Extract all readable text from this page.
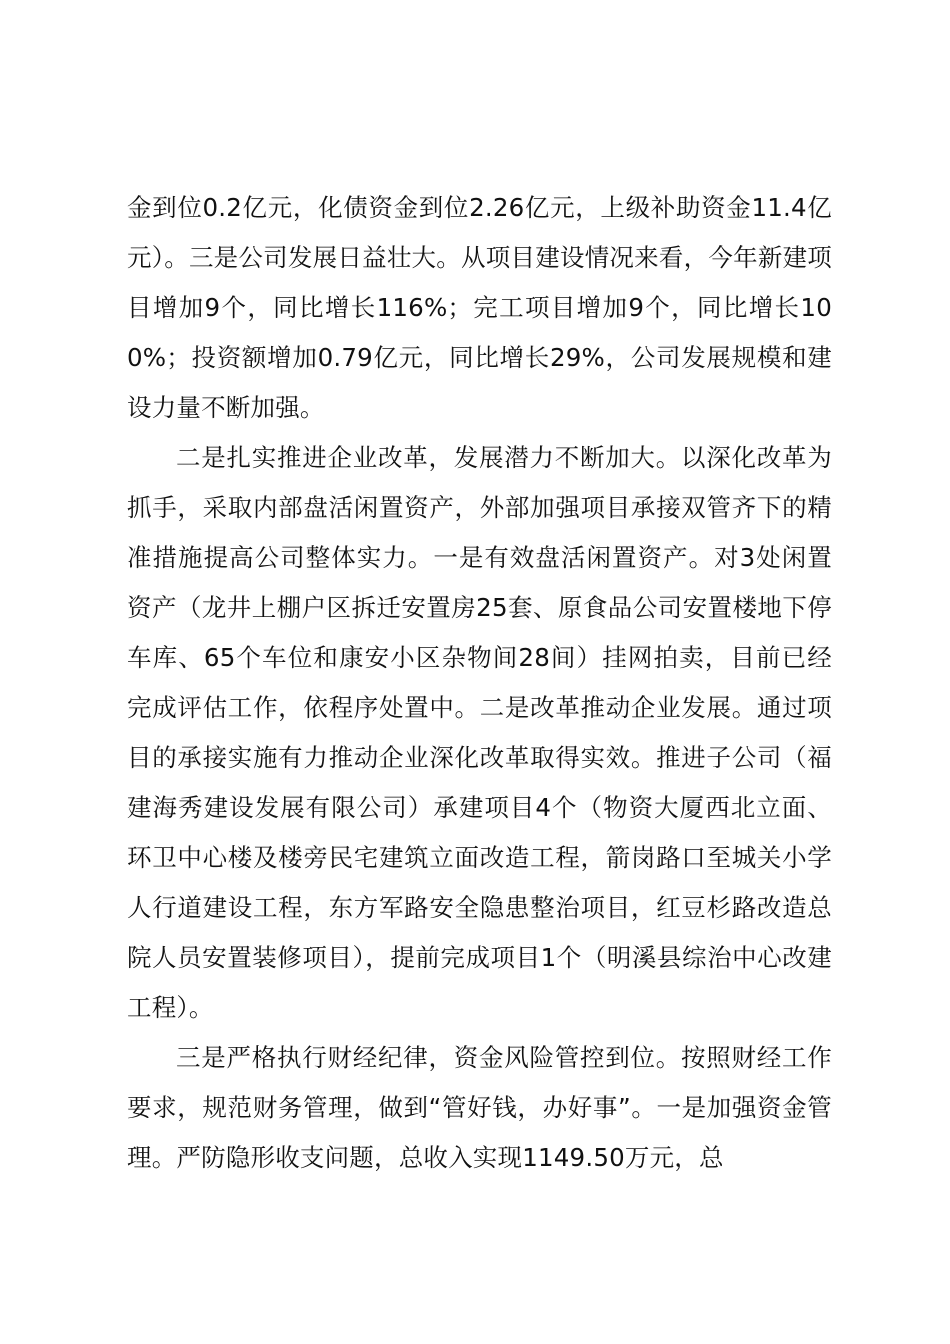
金到位0.2亿元，化债资金到位2.26亿元，上级补助资金11.4亿元）。三是公司发展日益壮大。从项目建设情况来看，今年新建项目增加9个，同比增长116%；完工项目增加9个，同比增长100%；投资额增加0.79亿元，同比增长29%，公司发展规模和建设力量不断加强。

二是扎实推进企业改革，发展潜力不断加大。以深化改革为抓手，采取内部盘活闲置资产，外部加强项目承接双管齐下的精准措施提高公司整体实力。一是有效盘活闲置资产。对3处闲置资产（龙井上棚户区拆迁安置房25套、原食品公司安置楼地下停车库、65个车位和康安小区杂物间28间）挂网拍卖，目前已经完成评估工作，依程序处置中。二是改革推动企业发展。通过项目的承接实施有力推动企业深化改革取得实效。推进子公司（福建海秀建设发展有限公司）承建项目4个（物资大厦西北立面、环卫中心楼及楼旁民宅建筑立面改造工程，箭岗路口至城关小学人行道建设工程，东方军路安全隐患整治项目，红豆杉路改造总院人员安置装修项目），提前完成项目1个（明溪县综治中心改建工程）。

三是严格执行财经纪律，资金风险管控到位。按照财经工作要求，规范财务管理，做到“管好钱，办好事”。一是加强资金管理。严防隐形收支问题，总收入实现1149.50万元，总
